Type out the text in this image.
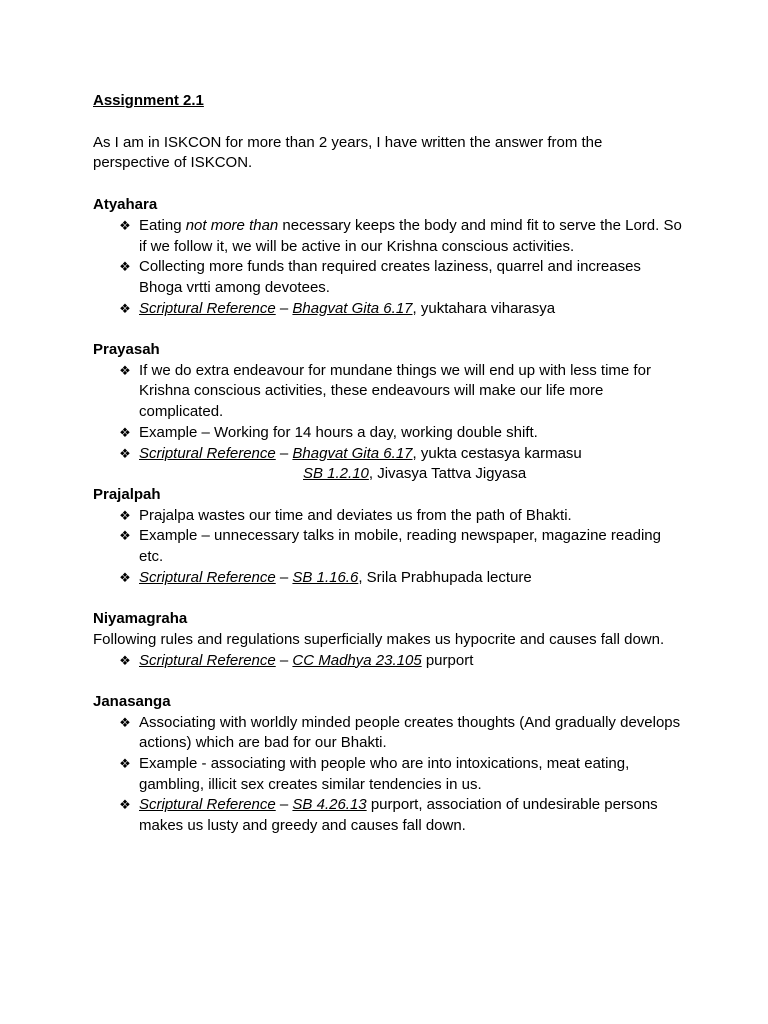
Assignment 2.1

As I am in ISKCON for more than 2 years, I have written the answer from the perspective of ISKCON.

Atyahara

❖ Eating not more than necessary keeps the body and mind fit to serve the Lord. So if we follow it, we will be active in our Krishna conscious activities.
❖ Collecting more funds than required creates laziness, quarrel and increases Bhoga vrtti among devotees.
❖ Scriptural Reference – Bhagvat Gita 6.17, yuktahara viharasya

Prayasah

❖ If we do extra endeavour for mundane things we will end up with less time for Krishna conscious activities, these endeavours will make our life more complicated.
❖ Example – Working for 14 hours a day, working double shift.
❖ Scriptural Reference – Bhagvat Gita 6.17, yukta cestasya karmasu
SB 1.2.10, Jivasya Tattva Jigyasa

Prajalpah

❖ Prajalpa wastes our time and deviates us from the path of Bhakti.
❖ Example – unnecessary talks in mobile, reading newspaper, magazine reading etc.
❖ Scriptural Reference – SB 1.16.6, Srila Prabhupada lecture

Niyamagraha

Following rules and regulations superficially makes us hypocrite and causes fall down.

❖ Scriptural Reference – CC Madhya 23.105 purport

Janasanga

❖ Associating with worldly minded people creates thoughts (And gradually develops actions) which are bad for our Bhakti.
❖ Example - associating with people who are into intoxications, meat eating, gambling, illicit sex creates similar tendencies in us.
❖ Scriptural Reference – SB 4.26.13 purport, association of undesirable persons makes us lusty and greedy and causes fall down.
